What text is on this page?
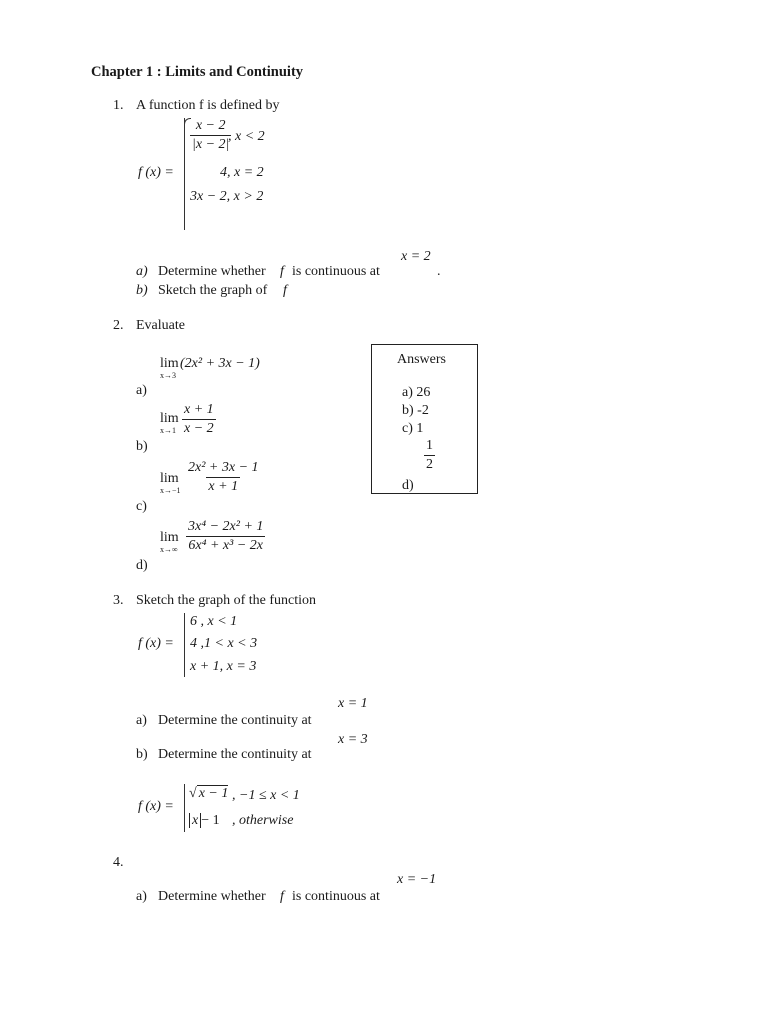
Chapter 1 : Limits and Continuity
1. A function f is defined by
f (x) =
$\frac{x - 2}{|x - 2|}$
, x < 2
4, x = 2
3x − 2, x > 2
x = 2
a) Determine whether f is continuous at	.
b) Sketch the graph of f
2. Evaluate
lim
x→3
(2x² + 3x − 1)
a)
lim
$x\to 1 \frac{x + 1}{x - 2}$
b)
lim
$x\to-1 \frac{\text{2x² + 3x − 1}}{x + 1}$
c)
lim
$x\to\infty \frac{\text{3x⁴ − 2x² + 1}}{\text{6x⁴ + x³ − 2x}}$
d)
Answers
a) 26
b) -2
c) 1
$\frac{1}{2}$
d)
3. Sketch the graph of the function
f (x) =
6 , x < 1
4 ,1 < x < 3
x + 1, x = 3
x = 1
a) Determine the continuity at
x = 3
b) Determine the continuity at
f (x) =
√ x − 1 , −1 ≤ x < 1
x − 1 , otherwise
4.
x = −1
a) Determine whether f is continuous at
